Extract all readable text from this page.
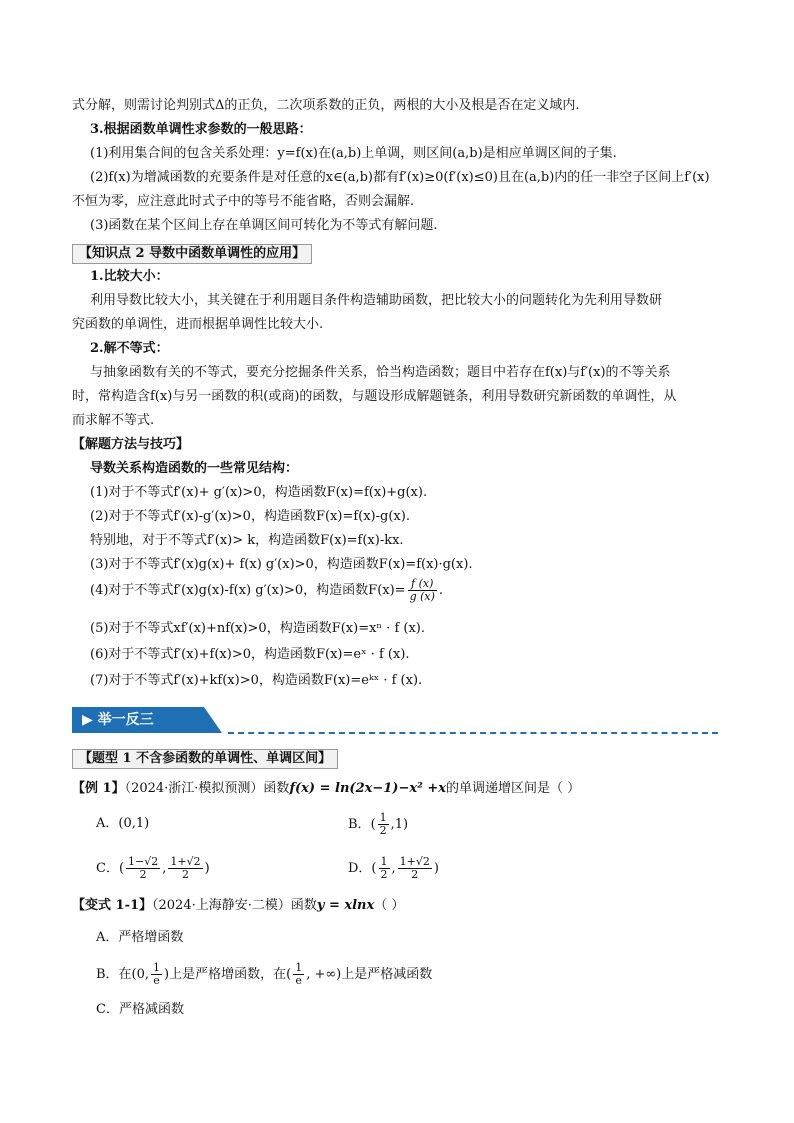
式分解，则需讨论判别式Δ的正负，二次项系数的正负，两根的大小及根是否在定义域内.
3.根据函数单调性求参数的一般思路：
(1)利用集合间的包含关系处理：y=f(x)在(a,b)上单调，则区间(a,b)是相应单调区间的子集.
(2)f(x)为增减函数的充要条件是对任意的x∈(a,b)都有f′(x)≥0(f′(x)≤0)且在(a,b)内的任一非空子区间上f′(x)
不恒为零，应注意此时式子中的等号不能省略，否则会漏解.
(3)函数在某个区间上存在单调区间可转化为不等式有解问题.
【知识点 2 导数中函数单调性的应用】
1.比较大小：
利用导数比较大小，其关键在于利用题目条件构造辅助函数，把比较大小的问题转化为先利用导数研
究函数的单调性，进而根据单调性比较大小.
2.解不等式：
与抽象函数有关的不等式，要充分挖掘条件关系，恰当构造函数；题目中若存在f(x)与f′(x)的不等关系
时，常构造含f(x)与另一函数的积(或商)的函数，与题设形成解题链条，利用导数研究新函数的单调性，从
而求解不等式.
【解题方法与技巧】
导数关系构造函数的一些常见结构：
(1)对于不等式f′(x)+ g′(x)>0，构造函数F(x)=f(x)+g(x).
(2)对于不等式f′(x)-g′(x)>0，构造函数F(x)=f(x)-g(x).
特别地，对于不等式f′(x)> k，构造函数F(x)=f(x)-kx.
(3)对于不等式f′(x)g(x)+ f(x) g′(x)>0，构造函数F(x)=f(x)·g(x).
(4)对于不等式f′(x)g(x)-f(x) g′(x)>0，构造函数$F(x)= \frac{f (x)}{g (x)}$ .
(5)对于不等式xf′(x)+nf(x)>0，构造函数F(x)=xⁿ · f (x).
(6)对于不等式f′(x)+f(x)>0，构造函数F(x)=eˣ · f (x).
(7)对于不等式f′(x)+kf(x)>0，构造函数F(x)=eᵏˣ · f (x).
▶ 举一反三
【题型 1 不含参函数的单调性、单调区间】
【例 1】（2024·浙江·模拟预测）函数f(x) = ln(2x−1)−x² +x的单调递增区间是（ ）
A．(0,1)	B．( $\frac{1}{2} ,1$)
C．( $\frac{1-√2}{2}$ , $\frac{1+√2}{2}$ )	D．( $\frac{1}{2}$ , $\frac{1+√2}{2}$ )
【变式 1-1】（2024·上海静安·二模）函数y = xlnx（ ）
A．严格增函数
B．在(0, $\frac{1}{e}$ )上是严格增函数，在( $\frac{1}{e}$ , +∞)上是严格减函数
C．严格减函数
